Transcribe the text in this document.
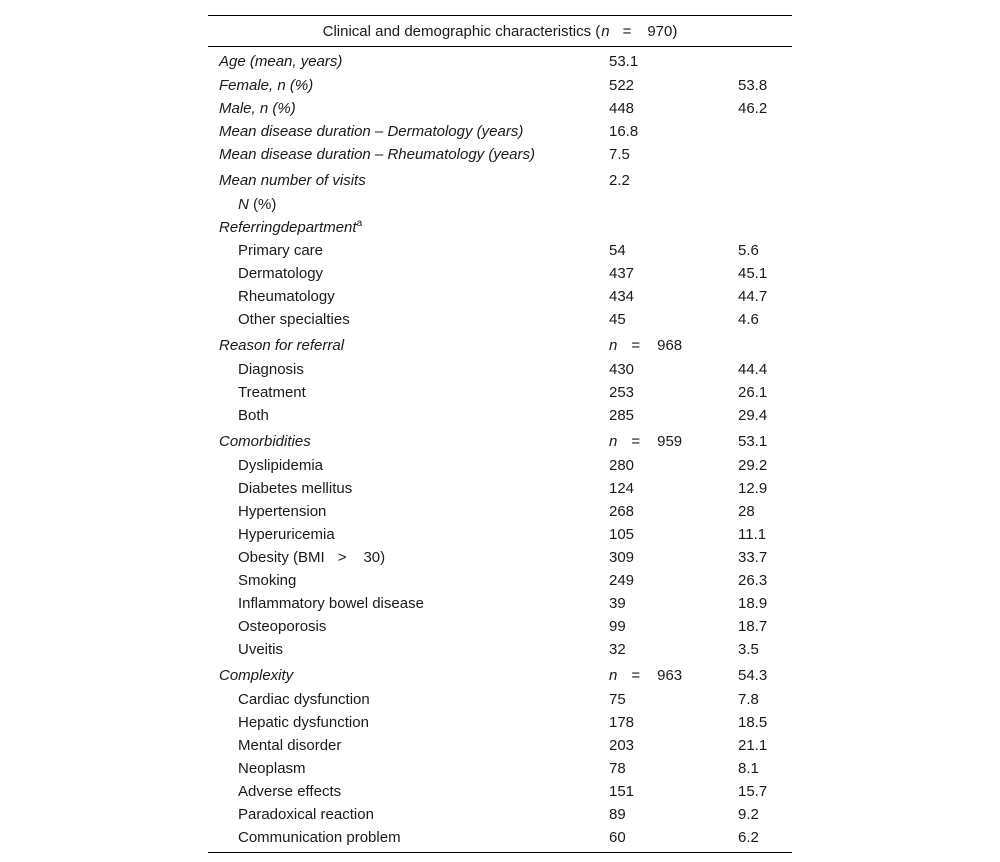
Clinical and demographic characteristics (n = 970)
Age (mean, years)	53.1	
Female, n (%)	522	53.8
Male, n (%)	448	46.2
Mean disease duration – Dermatology (years)	16.8	
Mean disease duration – Rheumatology (years)	7.5	
Mean number of visits	2.2	
N (%)		
Referringdepartment$^a$		
Primary care	54	5.6
Dermatology	437	45.1
Rheumatology	434	44.7
Other specialties	45	4.6
Reason for referral	n = 968	
Diagnosis	430	44.4
Treatment	253	26.1
Both	285	29.4
Comorbidities	n = 959	53.1
Dyslipidemia	280	29.2
Diabetes mellitus	124	12.9
Hypertension	268	28
Hyperuricemia	105	11.1
Obesity (BMI > 30)	309	33.7
Smoking	249	26.3
Inflammatory bowel disease	39	18.9
Osteoporosis	99	18.7
Uveitis	32	3.5
Complexity	n = 963	54.3
Cardiac dysfunction	75	7.8
Hepatic dysfunction	178	18.5
Mental disorder	203	21.1
Neoplasm	78	8.1
Adverse effects	151	15.7
Paradoxical reaction	89	9.2
Communication problem	60	6.2
